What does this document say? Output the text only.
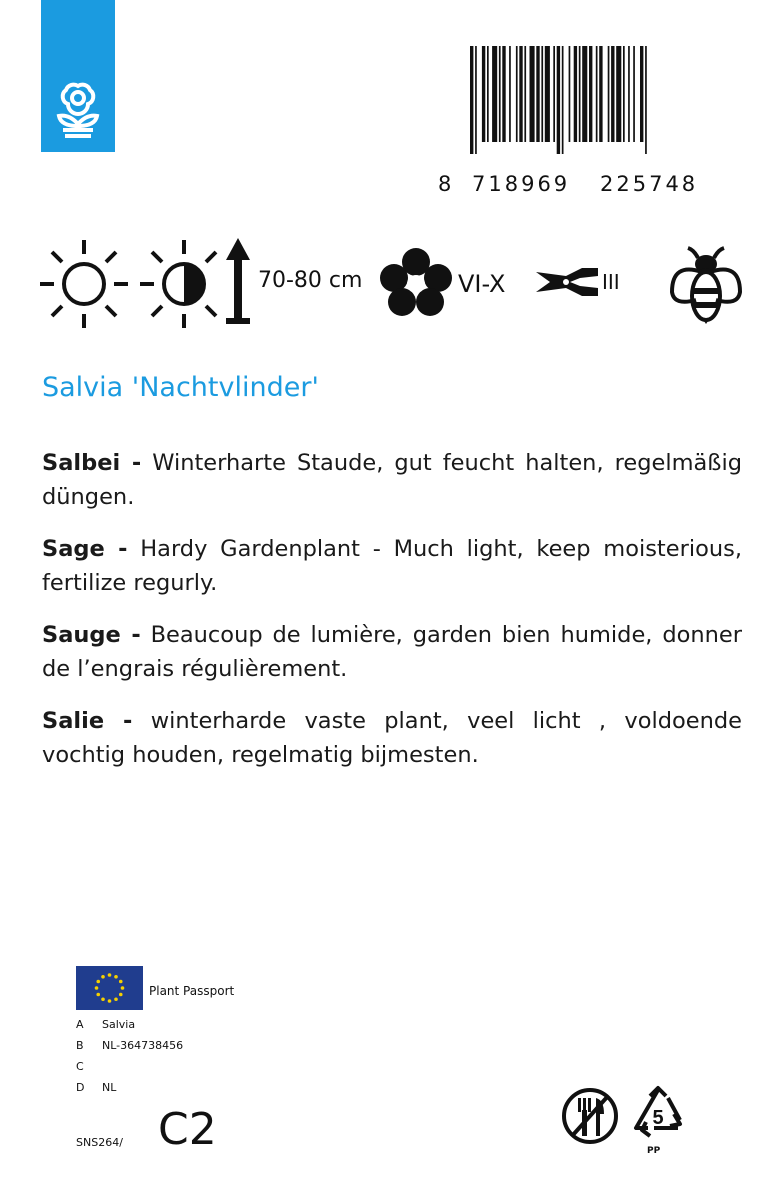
8 718969 225748
70-80 cm	VI-X	III
Salvia 'Nachtvlinder'
Salbei - Winterharte Staude, gut feucht halten, regelmäßig düngen.
Sage - Hardy Gardenplant - Much light, keep moisterious, fertilize regurly.
Sauge - Beaucoup de lumière, garden bien humide, donner de l’engrais régulièrement.
Salie - winterharde vaste plant, veel licht , voldoende vochtig houden, regelmatig bijmesten.
Plant Passport
A Salvia
B NL-364738456
C
D NL
SNS264/ C2	5
PP
